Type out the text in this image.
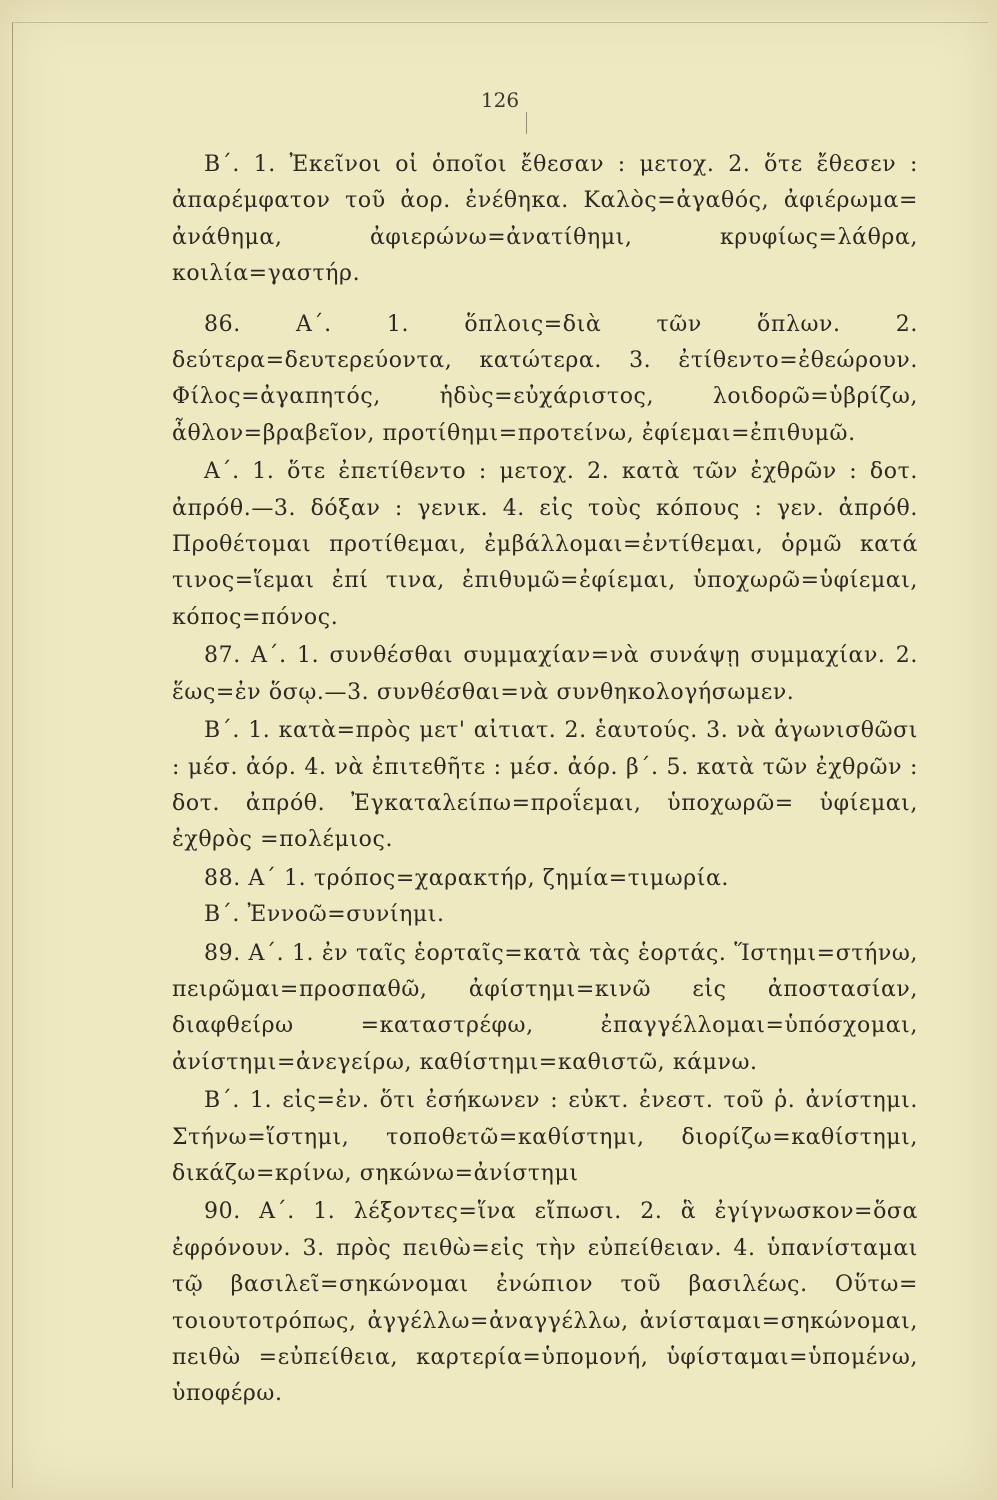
126

Β΄. 1. Ἐκεῖνοι οἱ ὁποῖοι ἔθεσαν : μετοχ. 2. ὅτε ἔθεσεν : ἀπαρέμφατον τοῦ ἀορ. ἐνέθηκα. Καλὸς=ἀγαθός, ἀφιέρωμα= ἀνάθημα, ἀφιερώνω=ἀνατίθημι, κρυφίως=λάθρα, κοιλία=γαστήρ.

86. Α΄. 1. ὅπλοις=διὰ τῶν ὅπλων. 2. δεύτερα=δευτερεύοντα, κατώτερα. 3. ἐτίθεντο=ἐθεώρουν. Φίλος=ἀγαπητός, ἡδὺς=εὐχάριστος, λοιδορῶ=ὑβρίζω, ἆθλον=βραβεῖον, προτίθημι=προτείνω, ἐφίεμαι=ἐπιθυμῶ.

Α΄. 1. ὅτε ἐπετίθεντο : μετοχ. 2. κατὰ τῶν ἐχθρῶν : δοτ. ἀπρόθ.—3. δόξαν : γενικ. 4. εἰς τοὺς κόπους : γεν. ἀπρόθ. Προθέτομαι προτίθεμαι, ἐμβάλλομαι=ἐντίθεμαι, ὁρμῶ κατά τινος=ἵεμαι ἐπί τινα, ἐπιθυμῶ=ἐφίεμαι, ὑποχωρῶ=ὑφίεμαι, κόπος=πόνος.

87. Α΄. 1. συνθέσθαι συμμαχίαν=νὰ συνάψῃ συμμαχίαν. 2. ἕως=ἐν ὅσῳ.—3. συνθέσθαι=νὰ συνθηκολογήσωμεν.

Β΄. 1. κατὰ=πρὸς μετ' αἰτιατ. 2. ἑαυτούς. 3. νὰ ἀγωνισθῶσι : μέσ. ἀόρ. 4. νὰ ἐπιτεθῆτε : μέσ. ἀόρ. β΄. 5. κατὰ τῶν ἐχθρῶν : δοτ. ἀπρόθ. Ἐγκαταλείπω=προΐεμαι, ὑποχωρῶ= ὑφίεμαι, ἐχθρὸς =πολέμιος.

88. Α΄ 1. τρόπος=χαρακτήρ, ζημία=τιμωρία.

Β΄. Ἐννοῶ=συνίημι.

89. Α΄. 1. ἐν ταῖς ἑορταῖς=κατὰ τὰς ἑορτάς. Ἵστημι=στήνω, πειρῶμαι=προσπαθῶ, ἀφίστημι=κινῶ εἰς ἀποστασίαν, διαφθείρω =καταστρέφω, ἐπαγγέλλομαι=ὑπόσχομαι, ἀνίστημι=ἀνεγείρω, καθίστημι=καθιστῶ, κάμνω.

Β΄. 1. εἰς=ἐν. ὅτι ἐσήκωνεν : εὐκτ. ἐνεστ. τοῦ ῥ. ἀνίστημι. Στήνω=ἵστημι, τοποθετῶ=καθίστημι, διορίζω=καθίστημι, δικάζω=κρίνω, σηκώνω=ἀνίστημι

90. Α΄. 1. λέξοντες=ἵνα εἴπωσι. 2. ἃ ἐγίγνωσκον=ὅσα ἐφρόνουν. 3. πρὸς πειθὼ=εἰς τὴν εὐπείθειαν. 4. ὑπανίσταμαι τῷ βασιλεῖ=σηκώνομαι ἐνώπιον τοῦ βασιλέως. Οὕτω= τοιουτοτρόπως, ἀγγέλλω=ἀναγγέλλω, ἀνίσταμαι=σηκώνομαι, πειθὼ =εὐπείθεια, καρτερία=ὑπομονή, ὑφίσταμαι=ὑπομένω, ὑποφέρω.
